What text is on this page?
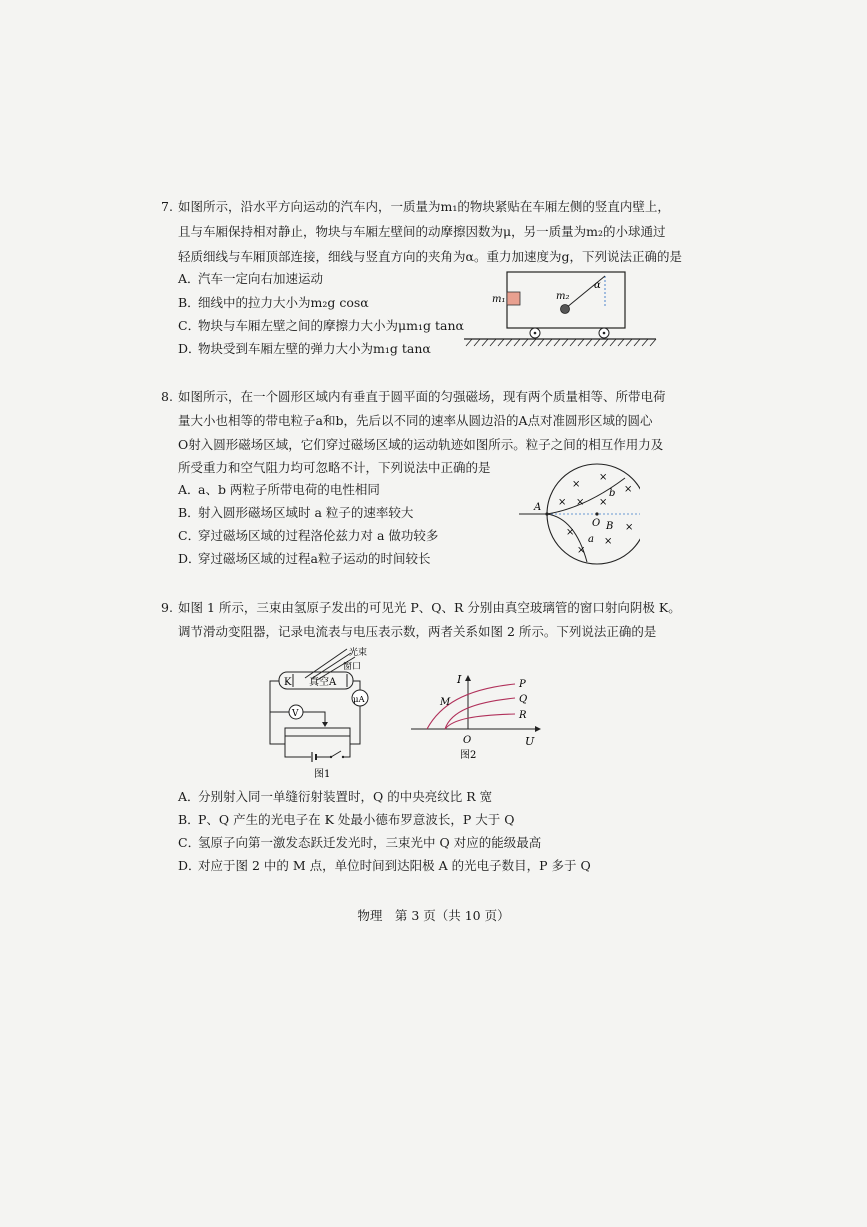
7. 如图所示，沿水平方向运动的汽车内，一质量为m₁的物块紧贴在车厢左侧的竖直内壁上，
且与车厢保持相对静止，物块与车厢左壁间的动摩擦因数为μ，另一质量为m₂的小球通过
轻质细线与车厢顶部连接，细线与竖直方向的夹角为α。重力加速度为g，下列说法正确的是
A．汽车一定向右加速运动
B．细线中的拉力大小为m₂g cosα
C．物块与车厢左壁之间的摩擦力大小为μm₁g tanα
D．物块受到车厢左壁的弹力大小为m₁g tanα
m₁	m₂
α
8. 如图所示，在一个圆形区域内有垂直于圆平面的匀强磁场，现有两个质量相等、所带电荷
量大小也相等的带电粒子a和b，先后以不同的速率从圆边沿的A点对准圆形区域的圆心
O射入圆形磁场区域，它们穿过磁场区域的运动轨迹如图所示。粒子之间的相互作用力及
所受重力和空气阻力均可忽略不计，下列说法中正确的是
A．a、b 两粒子所带电荷的电性相同
B．射入圆形磁场区域时 a 粒子的速率较大
C．穿过磁场区域的过程洛伦兹力对 a 做功较多
D．穿过磁场区域的过程a粒子运动的时间较长
A
O B
b
a
×
×
×
× × ×
×
×
×
×
9. 如图 1 所示，三束由氢原子发出的可见光 P、Q、R 分别由真空玻璃管的窗口射向阴极 K。
调节滑动变阻器，记录电流表与电压表示数，两者关系如图 2 所示。下列说法正确的是
K 真空A
光束
窗口
μA
V
图1
I
U
O
P
Q
R
M
图2
A．分别射入同一单缝衍射装置时，Q 的中央亮纹比 R 宽
B．P、Q 产生的光电子在 K 处最小德布罗意波长，P 大于 Q
C．氢原子向第一激发态跃迁发光时，三束光中 Q 对应的能级最高
D．对应于图 2 中的 M 点，单位时间到达阳极 A 的光电子数目，P 多于 Q
物理　第 3 页（共 10 页）
